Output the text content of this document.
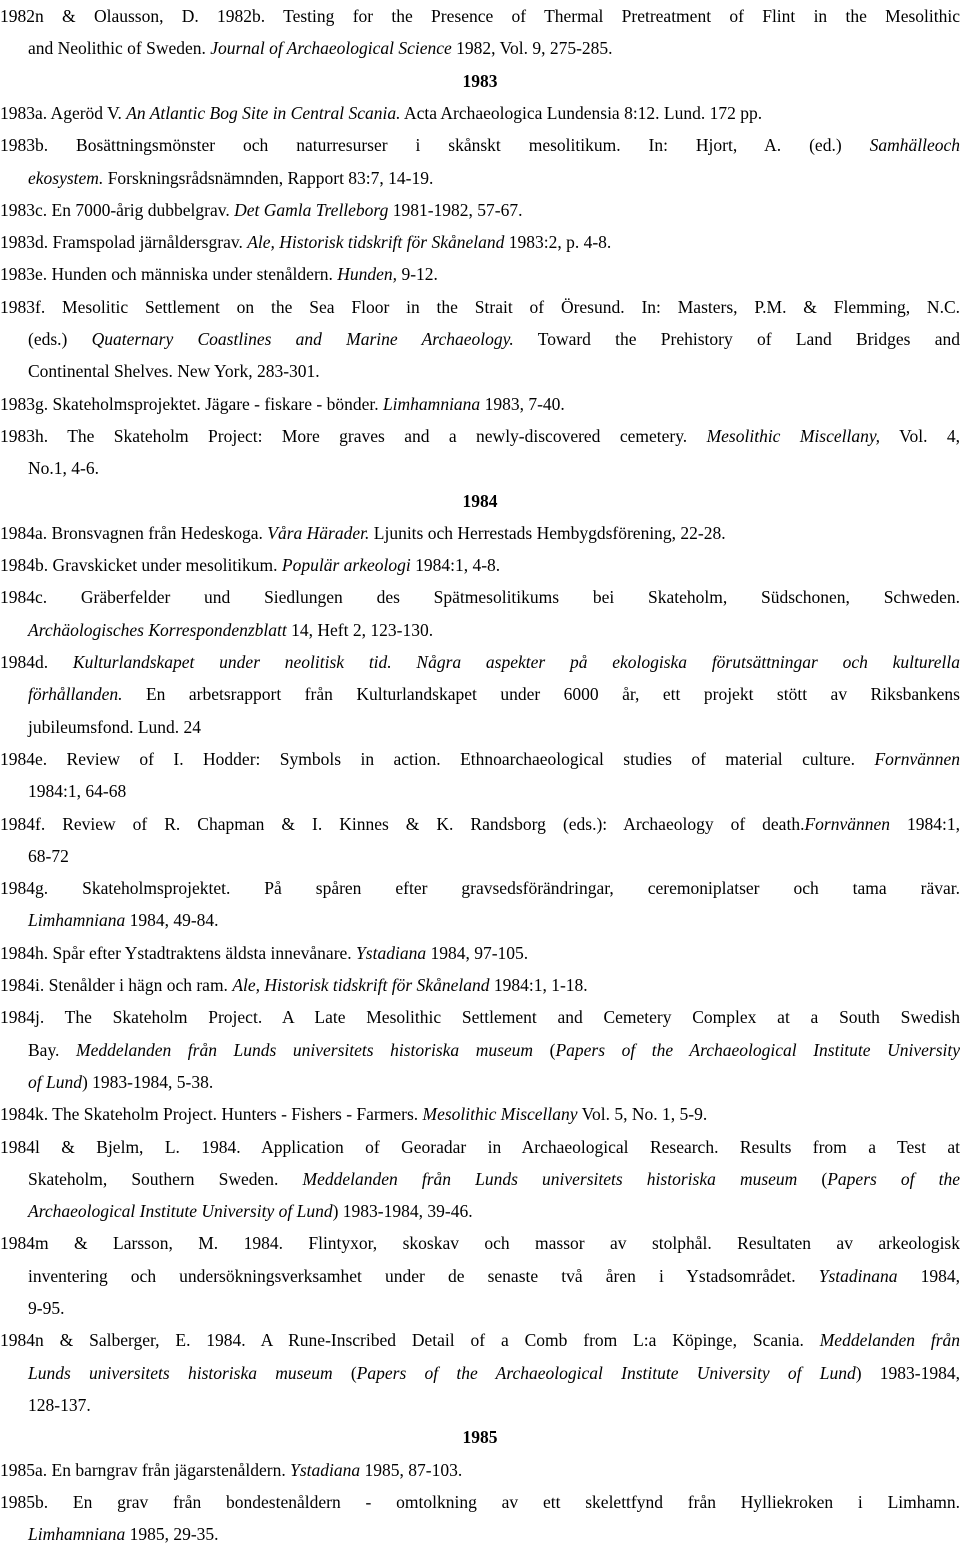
1982n & Olausson, D. 1982b. Testing for the Presence of Thermal Pretreatment of Flint in the Mesolithic
and Neolithic of Sweden. Journal of Archaeological Science 1982, Vol. 9, 275-285.
1983
1983a. Ageröd V. An Atlantic Bog Site in Central Scania. Acta Archaeologica Lundensia 8:12. Lund. 172 pp.
1983b. Bosättningsmönster och naturresurser i skånskt mesolitikum. In: Hjort, A. (ed.) Samhälleoch
ekosystem. Forskningsrådsnämnden, Rapport 83:7, 14-19.
1983c. En 7000-årig dubbelgrav. Det Gamla Trelleborg 1981-1982, 57-67.
1983d. Framspolad järnåldersgrav. Ale, Historisk tidskrift för Skåneland 1983:2, p. 4-8.
1983e. Hunden och människa under stenåldern. Hunden, 9-12.
1983f. Mesolitic Settlement on the Sea Floor in the Strait of Öresund. In: Masters, P.M. & Flemming, N.C.
(eds.) Quaternary Coastlines and Marine Archaeology. Toward the Prehistory of Land Bridges and
Continental Shelves. New York, 283-301.
1983g. Skateholmsprojektet. Jägare - fiskare - bönder. Limhamniana 1983, 7-40.
1983h. The Skateholm Project: More graves and a newly-discovered cemetery. Mesolithic Miscellany, Vol. 4,
No.1, 4-6.
1984
1984a. Bronsvagnen från Hedeskoga. Våra Härader. Ljunits och Herrestads Hembygdsförening, 22-28.
1984b. Gravskicket under mesolitikum. Populär arkeologi 1984:1, 4-8.
1984c. Gräberfelder und Siedlungen des Spätmesolitikums bei Skateholm, Südschonen, Schweden.
Archäologisches Korrespondenzblatt 14, Heft 2, 123-130.
1984d. Kulturlandskapet under neolitisk tid. Några aspekter på ekologiska förutsättningar och kulturella
förhållanden. En arbetsrapport från Kulturlandskapet under 6000 år, ett projekt stött av Riksbankens
jubileumsfond. Lund. 24
1984e. Review of I. Hodder: Symbols in action. Ethnoarchaeological studies of material culture. Fornvännen
1984:1, 64-68
1984f. Review of R. Chapman & I. Kinnes & K. Randsborg (eds.): Archaeology of death.Fornvännen 1984:1,
68-72
1984g. Skateholmsprojektet. På spåren efter gravsedsförändringar, ceremoniplatser och tama rävar.
Limhamniana 1984, 49-84.
1984h. Spår efter Ystadtraktens äldsta innevånare. Ystadiana 1984, 97-105.
1984i. Stenålder i hägn och ram. Ale, Historisk tidskrift för Skåneland 1984:1, 1-18.
1984j. The Skateholm Project. A Late Mesolithic Settlement and Cemetery Complex at a South Swedish
Bay. Meddelanden från Lunds universitets historiska museum (Papers of the Archaeological Institute University
of Lund) 1983-1984, 5-38.
1984k. The Skateholm Project. Hunters - Fishers - Farmers. Mesolithic Miscellany Vol. 5, No. 1, 5-9.
1984l & Bjelm, L. 1984. Application of Georadar in Archaeological Research. Results from a Test at
Skateholm, Southern Sweden. Meddelanden från Lunds universitets historiska museum (Papers of the
Archaeological Institute University of Lund) 1983-1984, 39-46.
1984m & Larsson, M. 1984. Flintyxor, skoskav och massor av stolphål. Resultaten av arkeologisk
inventering och undersökningsverksamhet under de senaste två åren i Ystadsområdet. Ystadinana 1984,
9-95.
1984n & Salberger, E. 1984. A Rune-Inscribed Detail of a Comb from L:a Köpinge, Scania. Meddelanden från
Lunds universitets historiska museum (Papers of the Archaeological Institute University of Lund) 1983-1984,
128-137.
1985
1985a. En barngrav från jägarstenåldern. Ystadiana 1985, 87-103.
1985b. En grav från bondestenåldern - omtolkning av ett skelettfynd från Hylliekroken i Limhamn.
Limhamniana 1985, 29-35.
